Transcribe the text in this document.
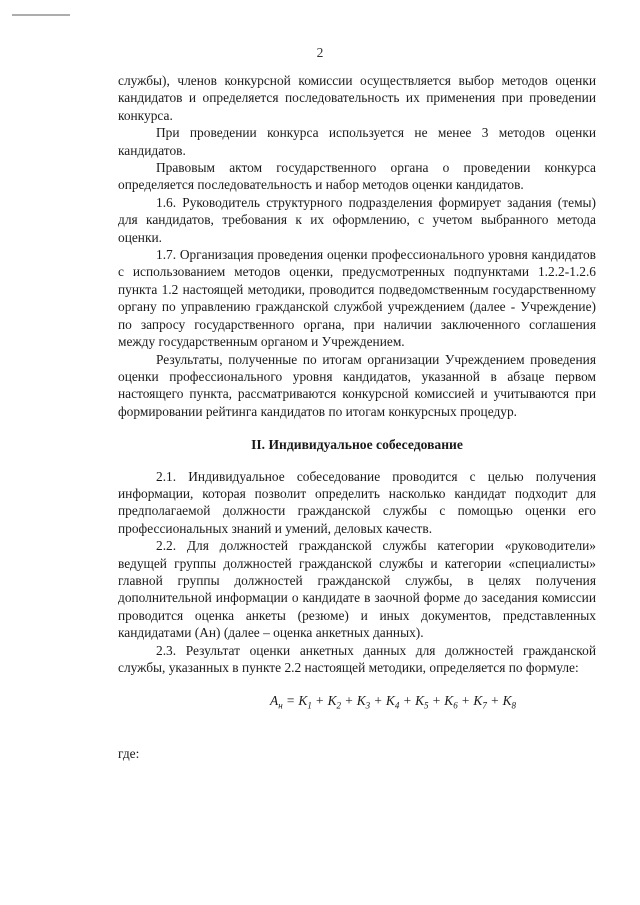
2

службы), членов конкурсной комиссии осуществляется выбор методов оценки кандидатов и определяется последовательность их применения при проведении конкурса.

При проведении конкурса используется не менее 3 методов оценки кандидатов.

Правовым актом государственного органа о проведении конкурса определяется последовательность и набор методов оценки кандидатов.

1.6. Руководитель структурного подразделения формирует задания (темы) для кандидатов, требования к их оформлению, с учетом выбранного метода оценки.

1.7. Организация проведения оценки профессионального уровня кандидатов с использованием методов оценки, предусмотренных подпунктами 1.2.2-1.2.6 пункта 1.2 настоящей методики, проводится подведомственным государственному органу по управлению гражданской службой учреждением (далее - Учреждение) по запросу государственного органа, при наличии заключенного соглашения между государственным органом и Учреждением.

Результаты, полученные по итогам организации Учреждением проведения оценки профессионального уровня кандидатов, указанной в абзаце первом настоящего пункта, рассматриваются конкурсной комиссией и учитываются при формировании рейтинга кандидатов по итогам конкурсных процедур.

II. Индивидуальное собеседование

2.1. Индивидуальное собеседование проводится с целью получения информации, которая позволит определить насколько кандидат подходит для предполагаемой должности гражданской службы с помощью оценки его профессиональных знаний и умений, деловых качеств.

2.2. Для должностей гражданской службы категории «руководители» ведущей группы должностей гражданской службы и категории «специалисты» главной группы должностей гражданской службы, в целях получения дополнительной информации о кандидате в заочной форме до заседания комиссии проводится оценка анкеты (резюме) и иных документов, представленных кандидатами (Aн) (далее – оценка анкетных данных).

2.3. Результат оценки анкетных данных для должностей гражданской службы, указанных в пункте 2.2 настоящей методики, определяется по формуле:

$A_н = K_1 + K_2 + K_3 + K_4 + K_5 + K_6 + K_7 + K_8$
где:
